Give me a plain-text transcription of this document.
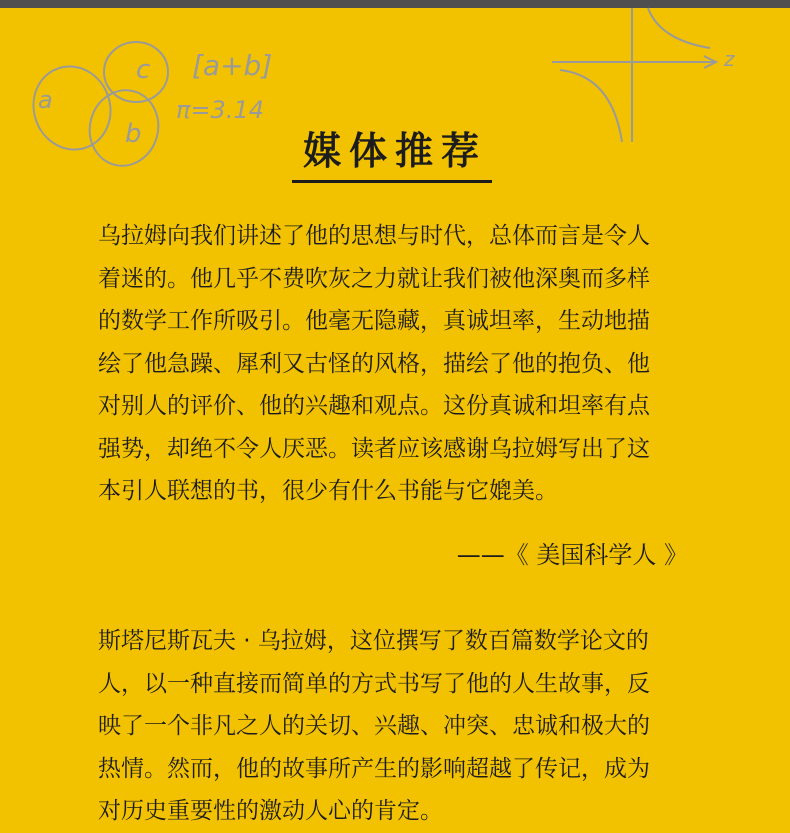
a
c
b
[a+b]
π=3.14
z
媒体推荐

乌拉姆向我们讲述了他的思想与时代，总体而言是令人
着迷的。他几乎不费吹灰之力就让我们被他深奥而多样
的数学工作所吸引。他毫无隐藏，真诚坦率，生动地描
绘了他急躁、犀利又古怪的风格，描绘了他的抱负、他
对别人的评价、他的兴趣和观点。这份真诚和坦率有点
强势，却绝不令人厌恶。读者应该感谢乌拉姆写出了这
本引人联想的书，很少有什么书能与它媲美。

——《 美国科学人 》

斯塔尼斯瓦夫 · 乌拉姆，这位撰写了数百篇数学论文的
人，以一种直接而简单的方式书写了他的人生故事，反
映了一个非凡之人的关切、兴趣、冲突、忠诚和极大的
热情。然而，他的故事所产生的影响超越了传记，成为
对历史重要性的激动人心的肯定。
